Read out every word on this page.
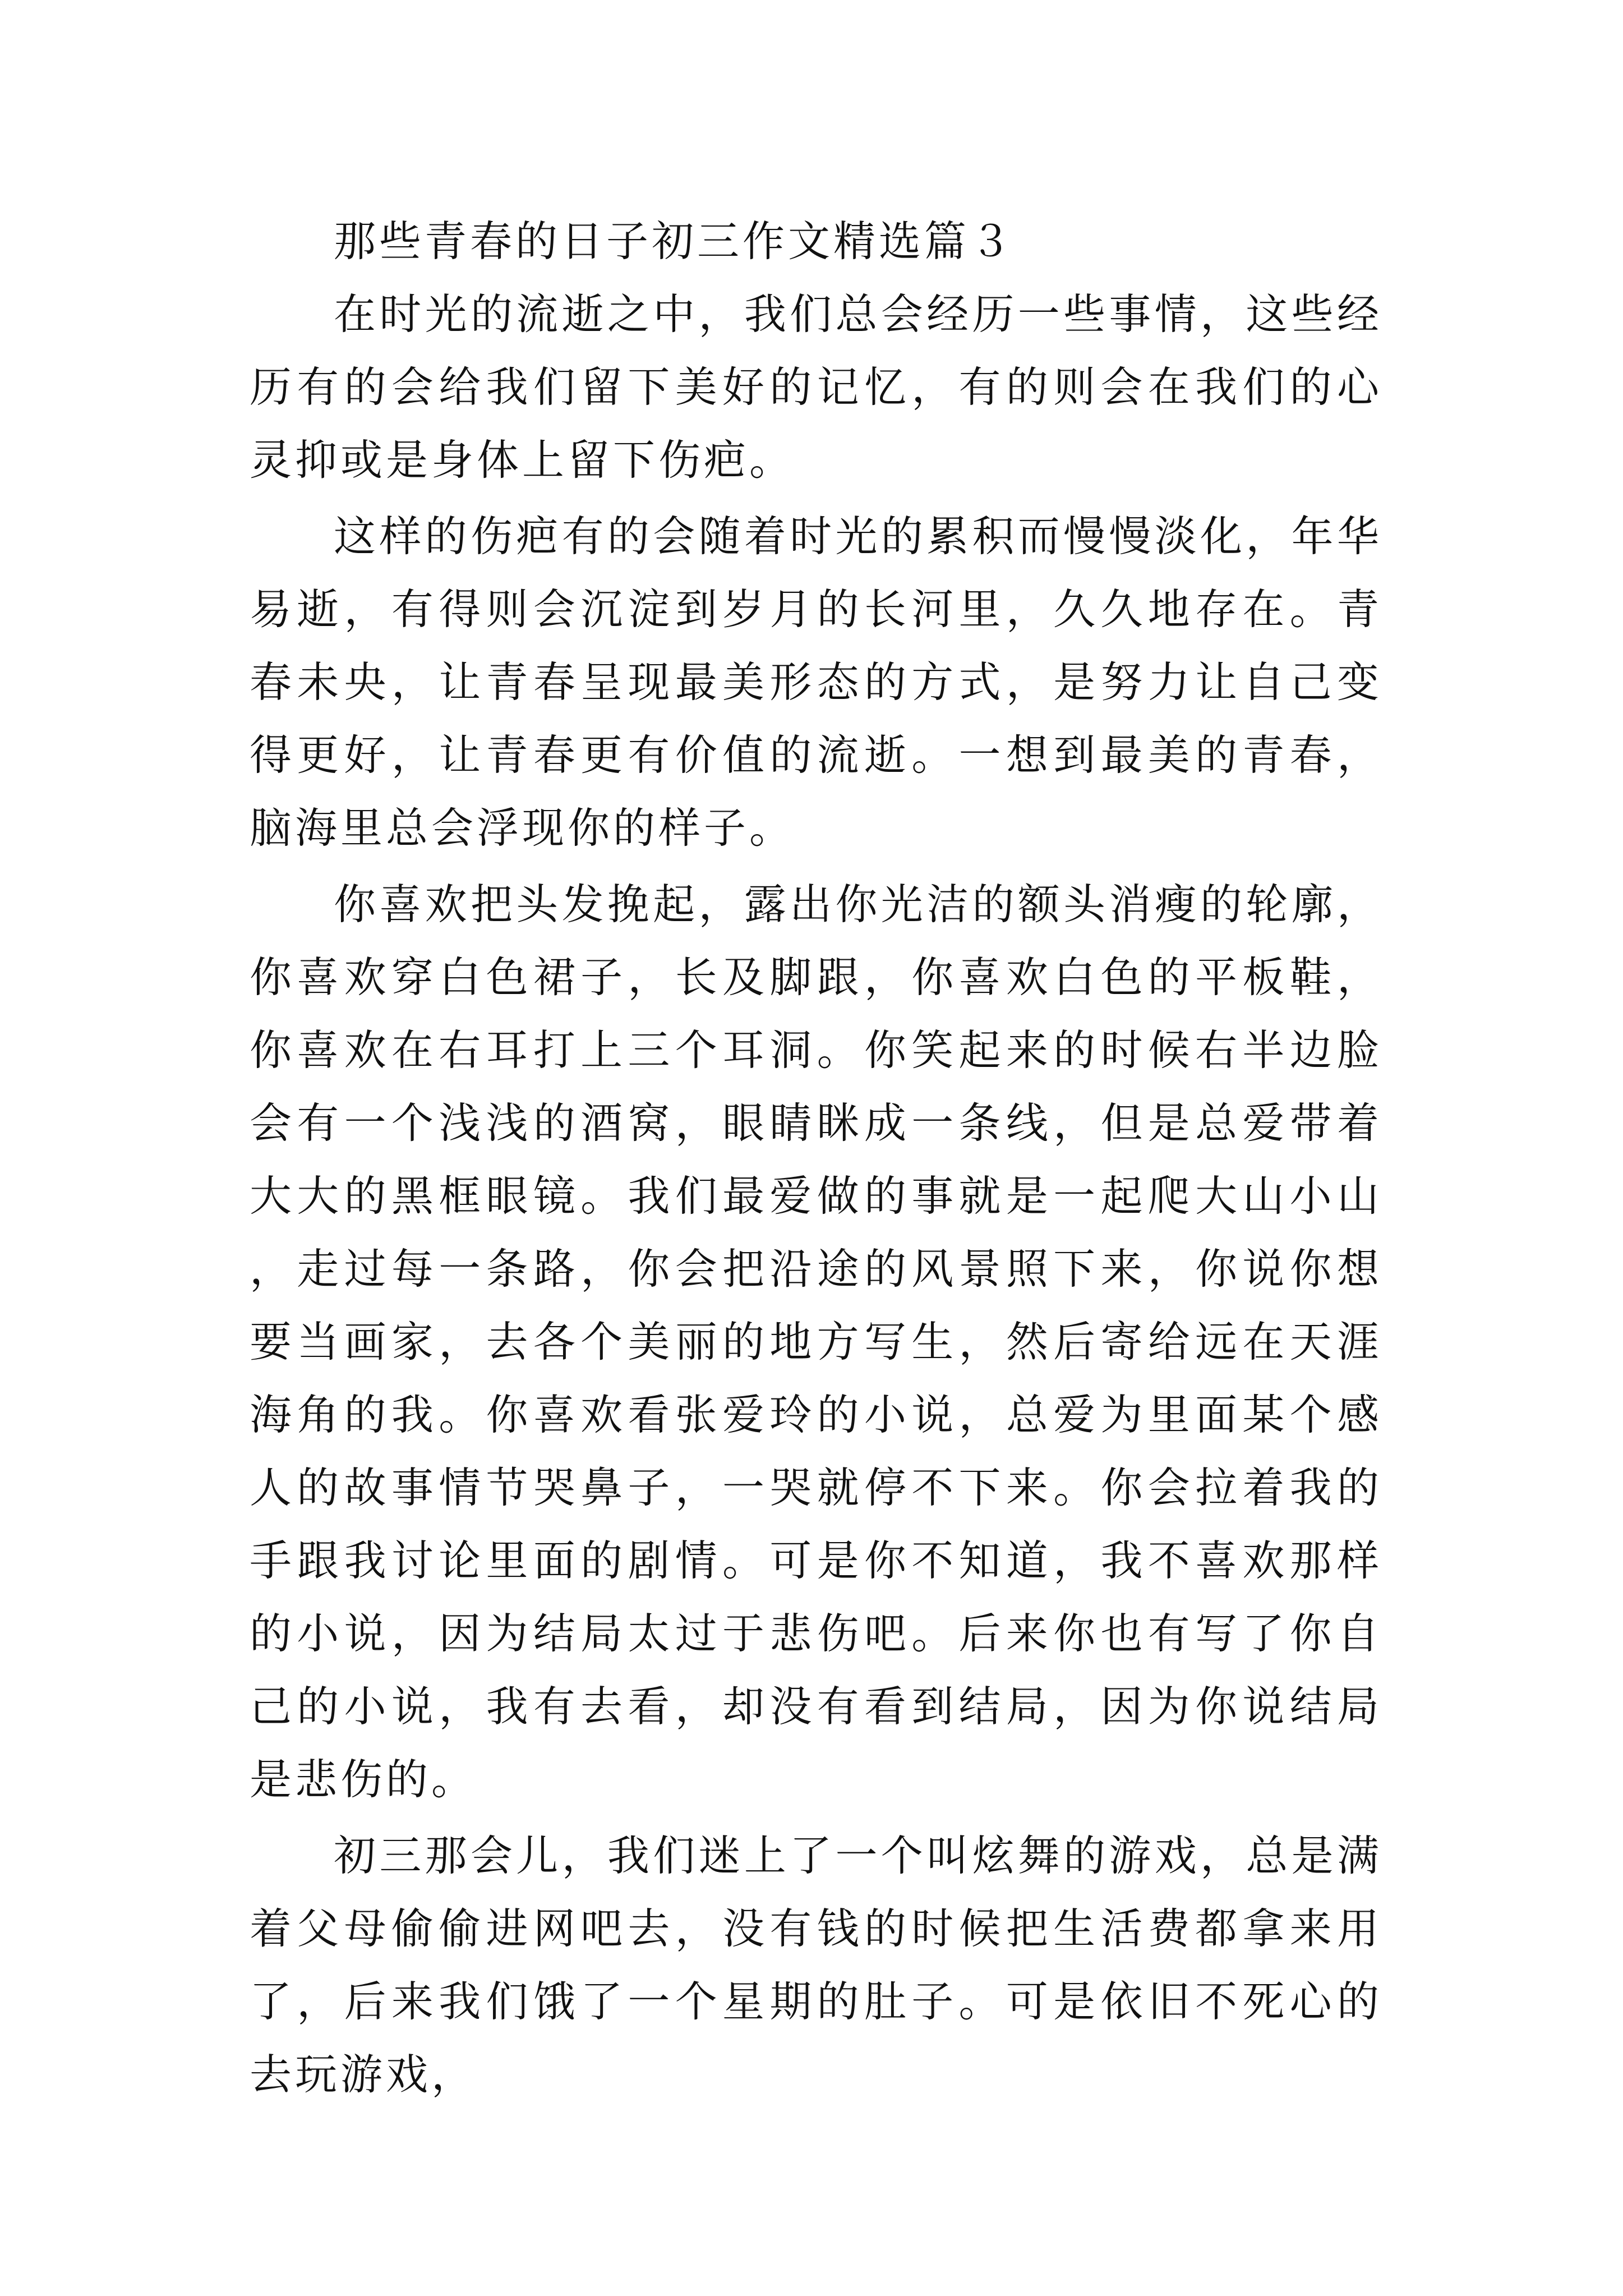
那些青春的日子初三作文精选篇３

在时光的流逝之中，我们总会经历一些事情，这些经历有的会给我们留下美好的记忆，有的则会在我们的心灵抑或是身体上留下伤疤。

这样的伤疤有的会随着时光的累积而慢慢淡化，年华易逝，有得则会沉淀到岁月的长河里，久久地存在。青春未央，让青春呈现最美形态的方式，是努力让自己变得更好，让青春更有价值的流逝。一想到最美的青春，脑海里总会浮现你的样子。

你喜欢把头发挽起，露出你光洁的额头消瘦的轮廓，你喜欢穿白色裙子，长及脚跟，你喜欢白色的平板鞋，你喜欢在右耳打上三个耳洞。你笑起来的时候右半边脸会有一个浅浅的酒窝，眼睛眯成一条线，但是总爱带着大大的黑框眼镜。我们最爱做的事就是一起爬大山小山，走过每一条路，你会把沿途的风景照下来，你说你想要当画家，去各个美丽的地方写生，然后寄给远在天涯海角的我。你喜欢看张爱玲的小说，总爱为里面某个感人的故事情节哭鼻子，一哭就停不下来。你会拉着我的手跟我讨论里面的剧情。可是你不知道，我不喜欢那样的小说，因为结局太过于悲伤吧。后来你也有写了你自己的小说，我有去看，却没有看到结局，因为你说结局是悲伤的。

初三那会儿，我们迷上了一个叫炫舞的游戏，总是满着父母偷偷进网吧去，没有钱的时候把生活费都拿来用了，后来我们饿了一个星期的肚子。可是依旧不死心的去玩游戏，
